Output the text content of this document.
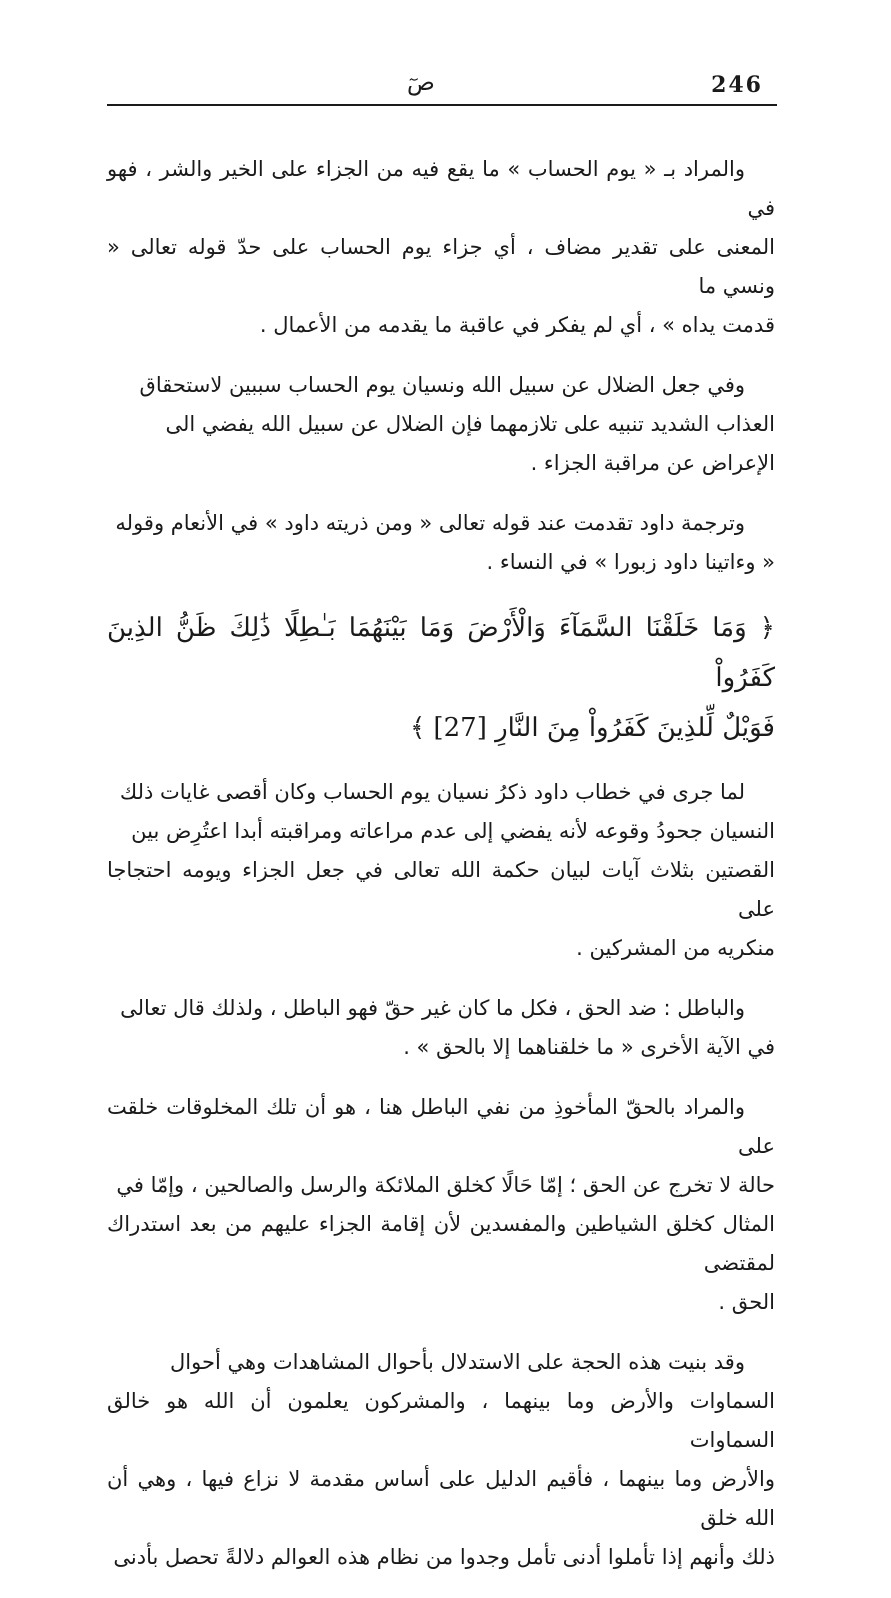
صٓ	246

والمراد بـ « يوم الحساب » ما يقع فيه من الجزاء على الخير والشر ، فهو في
المعنى على تقدير مضاف ، أي جزاء يوم الحساب على حدّ قوله تعالى « ونسي ما
قدمت يداه » ، أي لم يفكر في عاقبة ما يقدمه من الأعمال .

وفي جعل الضلال عن سبيل الله ونسيان يوم الحساب سببين لاستحقاق
العذاب الشديد تنبيه على تلازمهما فإن الضلال عن سبيل الله يفضي الى
الإعراض عن مراقبة الجزاء .

وترجمة داود تقدمت عند قوله تعالى « ومن ذريته داود » في الأنعام وقوله
« وءاتينا داود زبورا » في النساء .

﴿ وَمَا خَلَقْنَا السَّمَآءَ وَالْأَرْضَ وَمَا بَيْنَهُمَا بَـٰطِلًا ذَٰلِكَ ظَنُّ الذِينَ كَفَرُواْ
فَوَيْلٌ لِّلذِينَ كَفَرُواْ مِنَ النَّارِ [27] ﴾

لما جرى في خطاب داود ذكرُ نسيان يوم الحساب وكان أقصى غايات ذلك
النسيان جحودُ وقوعه لأنه يفضي إلى عدم مراعاته ومراقبته أبدا اعتُرِض بين
القصتين بثلاث آيات لبيان حكمة الله تعالى في جعل الجزاء ويومه احتجاجا على
منكريه من المشركين .

والباطل : ضد الحق ، فكل ما كان غير حقّ فهو الباطل ، ولذلك قال تعالى
في الآية الأخرى « ما خلقناهما إلا بالحق » .

والمراد بالحقّ المأخوذِ من نفي الباطل هنا ، هو أن تلك المخلوقات خلقت على
حالة لا تخرج عن الحق ؛ إمّا حَالًا كخلق الملائكة والرسل والصالحين ، وإمّا في
المثال كخلق الشياطين والمفسدين لأن إقامة الجزاء عليهم من بعد استدراك لمقتضى
الحق .

وقد بنيت هذه الحجة على الاستدلال بأحوال المشاهدات وهي أحوال
السماوات والأرض وما بينهما ، والمشركون يعلمون أن الله هو خالق السماوات
والأرض وما بينهما ، فأقيم الدليل على أساس مقدمة لا نزاع فيها ، وهي أن الله خلق
ذلك وأنهم إذا تأملوا أدنى تأمل وجدوا من نظام هذه العوالم دلالةً تحصل بأدنى
